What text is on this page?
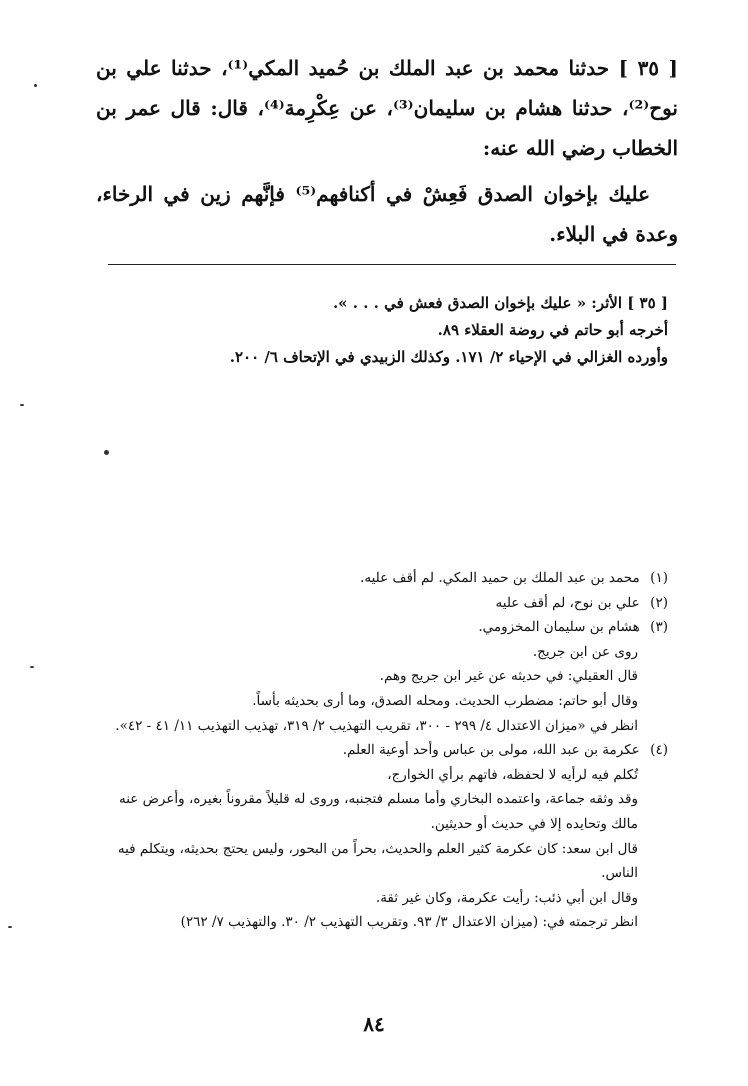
[ ٣٥ ] حدثنا محمد بن عبد الملك بن حُميد المكي⁽¹⁾، حدثنا علي بن نوح⁽²⁾، حدثنا هشام بن سليمان⁽³⁾، عن عِكْرِمة⁽⁴⁾، قال: قال عمر بن الخطاب رضي الله عنه:

عليك بإخوان الصدق فَعِشْ في أكنافهم⁽⁵⁾ فإنَّهم زين في الرخاء، وعدة في البلاء.

[ ٣٥ ] الأثر: « عليك بإخوان الصدق فعش في . . . ».
أخرجه أبو حاتم في روضة العقلاء ٨٩.
وأورده الغزالي في الإحياء ٢/ ١٧١. وكذلك الزبيدي في الإتحاف ٦/ ٢٠٠.
(١) محمد بن عبد الملك بن حميد المكي. لم أقف عليه.
(٢) علي بن نوح، لم أقف عليه
(٣) هشام بن سليمان المخزومي.
روى عن ابن جريج.
قال العقيلي: في حديثه عن غير ابن جريج وهم.
وقال أبو حاتم: مضطرب الحديث. ومحله الصدق، وما أرى بحديثه بأساً.
انظر في «ميزان الاعتدال ٤/ ٢٩٩ - ٣٠٠، تقريب التهذيب ٢/ ٣١٩، تهذيب التهذيب ١١/ ٤١ - ٤٢».
(٤) عكرمة بن عبد الله، مولى بن عباس وأحد أوعية العلم.
تُكلم فيه لرأيه لا لحفظه، فاتهم برأي الخوارج،
وقد وثقه جماعة، واعتمده البخاري وأما مسلم فتجنبه، وروى له قليلاً مقروناً بغيره، وأعرض عنه مالك وتحايده إلا في حديث أو حديثين.
قال ابن سعد: كان عكرمة كثير العلم والحديث، بحراً من البحور، وليس يحتج بحديثه، ويتكلم فيه الناس.
وقال ابن أبي ذئب: رأيت عكرمة، وكان غير ثقة.
انظر ترجمته في: (ميزان الاعتدال ٣/ ٩٣. وتقريب التهذيب ٢/ ٣٠. والتهذيب ٧/ ٢٦٢)
٨٤
